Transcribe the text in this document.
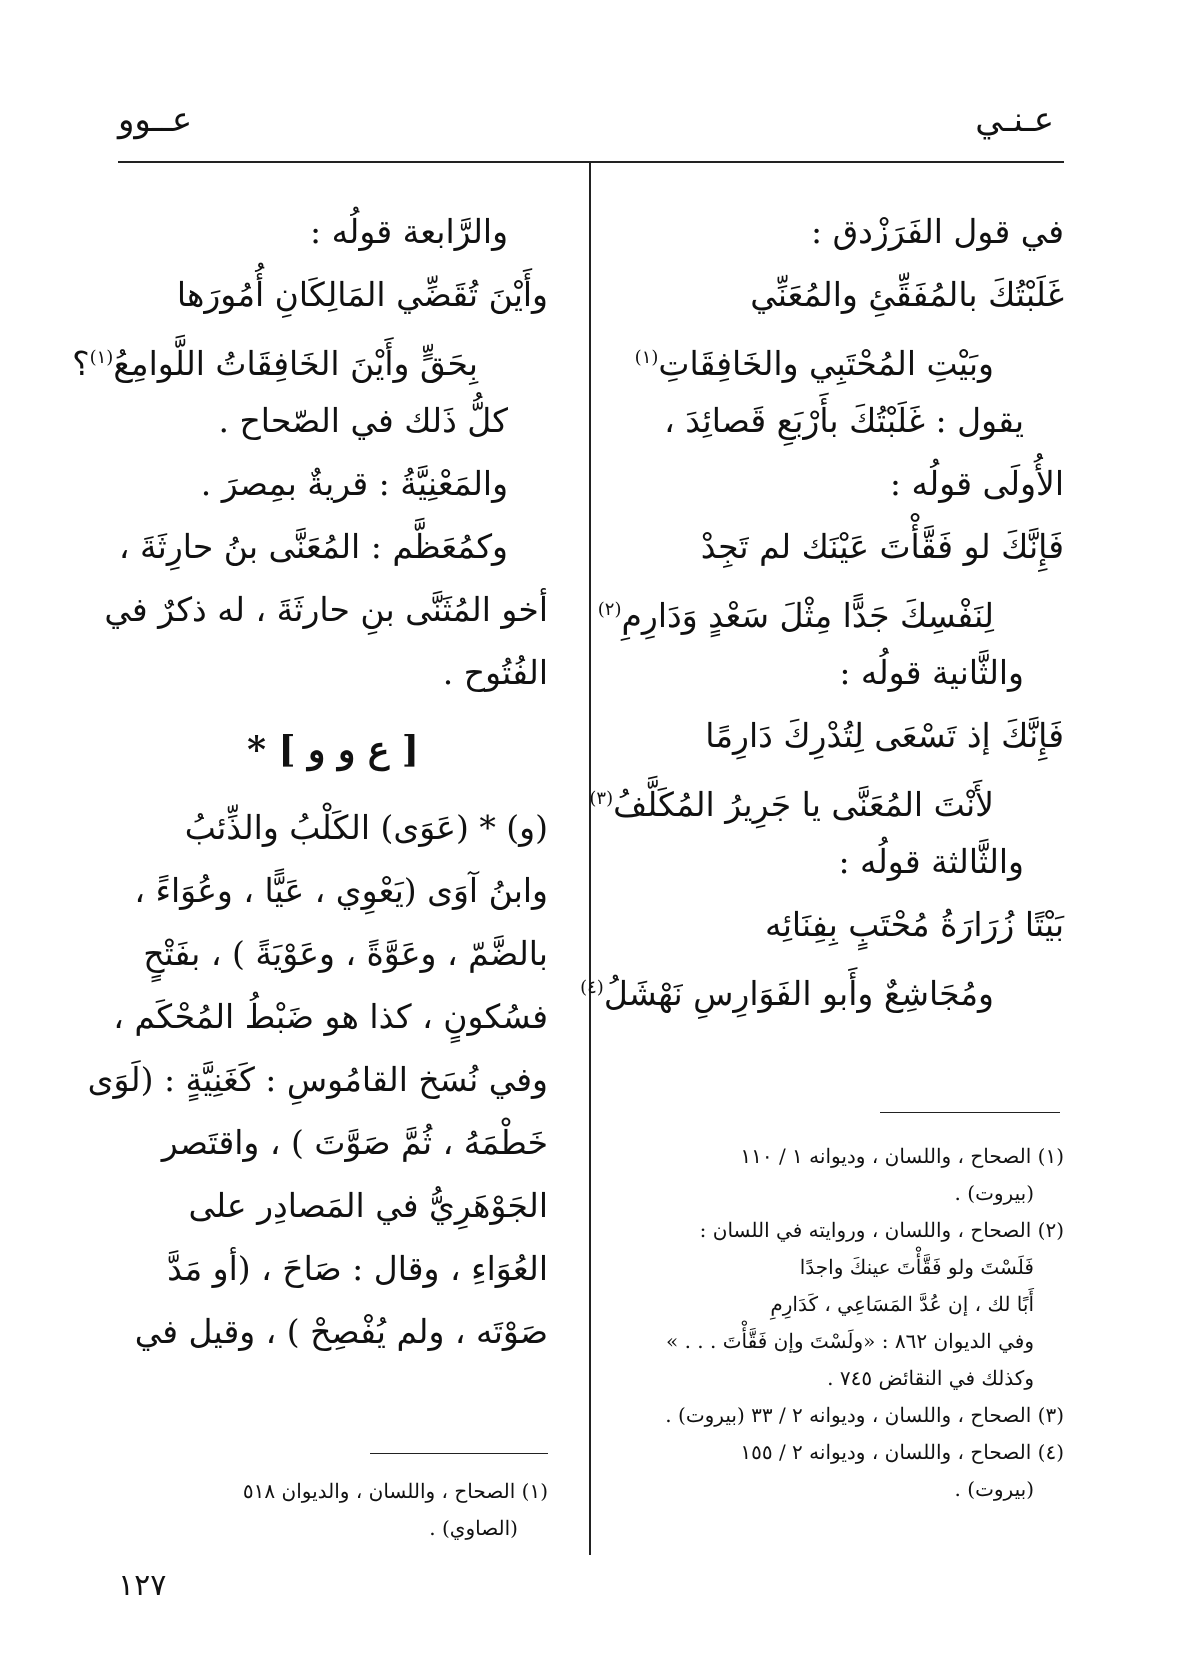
عـنـي
عــوو
في قول الفَرَزْدق :
غَلَبْتُكَ بالمُفَقِّئِ والمُعَنِّي
وبَيْتِ المُحْتَبِي والخَافِقَاتِ$^{(١)}$
يقول : غَلَبْتُكَ بأَرْبَعِ قَصائِدَ ،
الأُولَى قولُه :
فَإِنَّكَ لو فَقَّأْتَ عَيْنَك لم تَجِدْ
لِنَفْسِكَ جَدًّا مِثْلَ سَعْدٍ وَدَارِمِ$^{(٢)}$
والثَّانية قولُه :
فَإِنَّكَ إذ تَسْعَى لِتُدْرِكَ دَارِمًا
لأَنْتَ المُعَنَّى يا جَرِيرُ المُكَلَّفُ$^{(٣)}$
والثَّالثة قولُه :
بَيْتًا زُرَارَةُ مُحْتَبٍ بِفِنَائِه
ومُجَاشِعٌ وأَبو الفَوَارِسِ نَهْشَلُ$^{(٤)}$
والرَّابعة قولُه :
وأَيْنَ تُقَضِّي المَالِكَانِ أُمُورَها
بِحَقٍّ وأَيْنَ الخَافِقَاتُ اللَّوامِعُ$^{(١)}$؟
كلُّ ذَلك في الصّحاح .
والمَعْنِيَّةُ : قريةٌ بمِصرَ .
وكمُعَظَّم : المُعَنَّى بنُ حارِثَةَ ،
أخو المُثَنَّى بنِ حارثَةَ ، له ذكرٌ في
الفُتُوح .
[ ع و و ] *
(و) * (عَوَى) الكَلْبُ والذِّئبُ
وابنُ آوَى (يَعْوِي ، عَيًّا ، وعُوَاءً ،
بالضَّمّ ، وعَوَّةً ، وعَوْيَةً ) ، بفَتْحٍ
فسُكونٍ ، كذا هو ضَبْطُ المُحْكَم ،
وفي نُسَخ القامُوسِ : كَغَنِيَّةٍ : (لَوَى
خَطْمَهُ ، ثُمَّ صَوَّتَ ) ، واقتَصر
الجَوْهَرِيُّ في المَصادِر على
العُوَاءِ ، وقال : صَاحَ ، (أو مَدَّ
صَوْتَه ، ولم يُفْصِحْ ) ، وقيل في

(١) الصحاح ، واللسان ، وديوانه ١ / ١١٠

(بيروت) .

(٢) الصحاح ، واللسان ، وروايته في اللسان :

فَلَسْتَ ولو فَقَّأْتَ عينكَ واجدًا

أَبًا لك ، إن عُدَّ المَسَاعِي ، كَدَارِمِ

وفي الديوان ٨٦٢ : «ولَسْتَ وإن فَقَّأْتَ . . . »

وكذلك في النقائض ٧٤٥ .

(٣) الصحاح ، واللسان ، وديوانه ٢ / ٣٣ (بيروت) .

(٤) الصحاح ، واللسان ، وديوانه ٢ / ١٥٥

(بيروت) .

(١) الصحاح ، واللسان ، والديوان ٥١٨

(الصاوي) .

١٢٧
